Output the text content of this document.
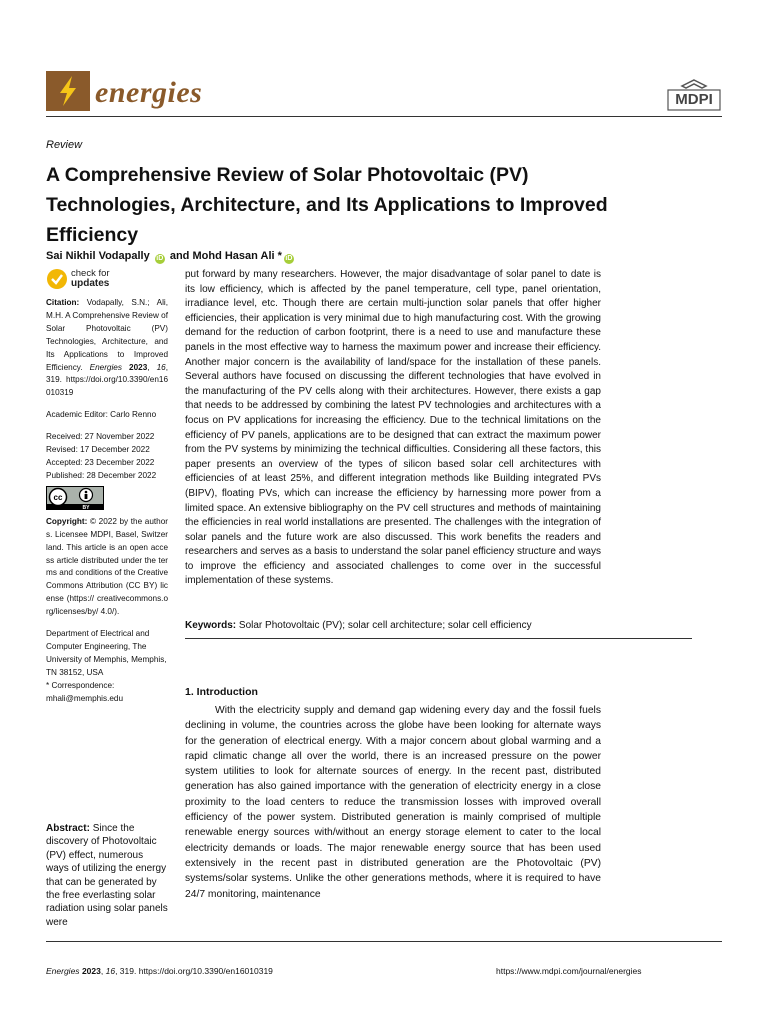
energies	MDPI
Review
A Comprehensive Review of Solar Photovoltaic (PV) Technologies, Architecture, and Its Applications to Improved Efficiency
Sai Nikhil Vodapally iD and Mohd Hasan Ali * iD
check for
updates

Citation: Vodapally, S.N.; Ali, M.H. A Comprehensive Review of Solar Photovoltaic (PV) Technologies, Architecture, and Its Applications to Improved Efficiency. Energies 2023, 16, 319. https://doi.org/10.3390/en16010319

Academic Editor: Carlo Renno

Received: 27 November 2022

Revised: 17 December 2022

Accepted: 23 December 2022

Published: 28 December 2022

cc
BY

Copyright: © 2022 by the authors. Licensee MDPI, Basel, Switzerland. This article is an open access article distributed under the terms and conditions of the Creative Commons Attribution (CC BY) license (https:// creativecommons.org/licenses/by/ 4.0/).

Department of Electrical and Computer Engineering, The University of Memphis, Memphis, TN 38152, USA

* Correspondence: mhali@memphis.edu

Abstract: Since the discovery of Photovoltaic (PV) effect, numerous ways of utilizing the energy that can be generated by the free everlasting solar radiation using solar panels were
put forward by many researchers. However, the major disadvantage of solar panel to date is its low efficiency, which is affected by the panel temperature, cell type, panel orientation, irradiance level, etc. Though there are certain multi-junction solar panels that offer higher efficiencies, their application is very minimal due to high manufacturing cost. With the growing demand for the reduction of carbon footprint, there is a need to use and manufacture these panels in the most effective way to harness the maximum power and increase their efficiency. Another major concern is the availability of land/space for the installation of these panels. Several authors have focused on discussing the different technologies that have evolved in the manufacturing of the PV cells along with their architectures. However, there exists a gap that needs to be addressed by combining the latest PV technologies and architectures with a focus on PV applications for increasing the efficiency. Due to the technical limitations on the efficiency of PV panels, applications are to be designed that can extract the maximum power from the PV systems by minimizing the technical difficulties. Considering all these factors, this paper presents an overview of the types of silicon based solar cell architectures with efficiencies of at least 25%, and different integration methods like Building integrated PVs (BIPV), floating PVs, which can increase the efficiency by harnessing more power from a limited space. An extensive bibliography on the PV cell structures and methods of maintaining the efficiencies in real world installations are presented. The challenges with the integration of solar panels and the future work are also discussed. This work benefits the readers and researchers and serves as a basis to understand the solar panel efficiency structure and ways to improve the efficiency and associated challenges to come over in the successful implementation of these systems.
Keywords: Solar Photovoltaic (PV); solar cell architecture; solar cell efficiency
1. Introduction
With the electricity supply and demand gap widening every day and the fossil fuels declining in volume, the countries across the globe have been looking for alternate ways for the generation of electrical energy. With a major concern about global warming and a rapid climatic change all over the world, there is an increased pressure on the power system utilities to look for alternate sources of energy. In the recent past, distributed generation has also gained importance with the generation of electricity energy in a close proximity to the load centers to reduce the transmission losses with improved overall efficiency of the power system. Distributed generation is mainly comprised of multiple renewable energy sources with/without an energy storage element to cater to the local electricity demands or loads. The major renewable energy source that has been used extensively in the recent past in distributed generation are the Photovoltaic (PV) systems/solar systems. Unlike the other generations methods, where it is required to have 24/7 monitoring, maintenance
Energies 2023, 16, 319. https://doi.org/10.3390/en16010319	https://www.mdpi.com/journal/energies
